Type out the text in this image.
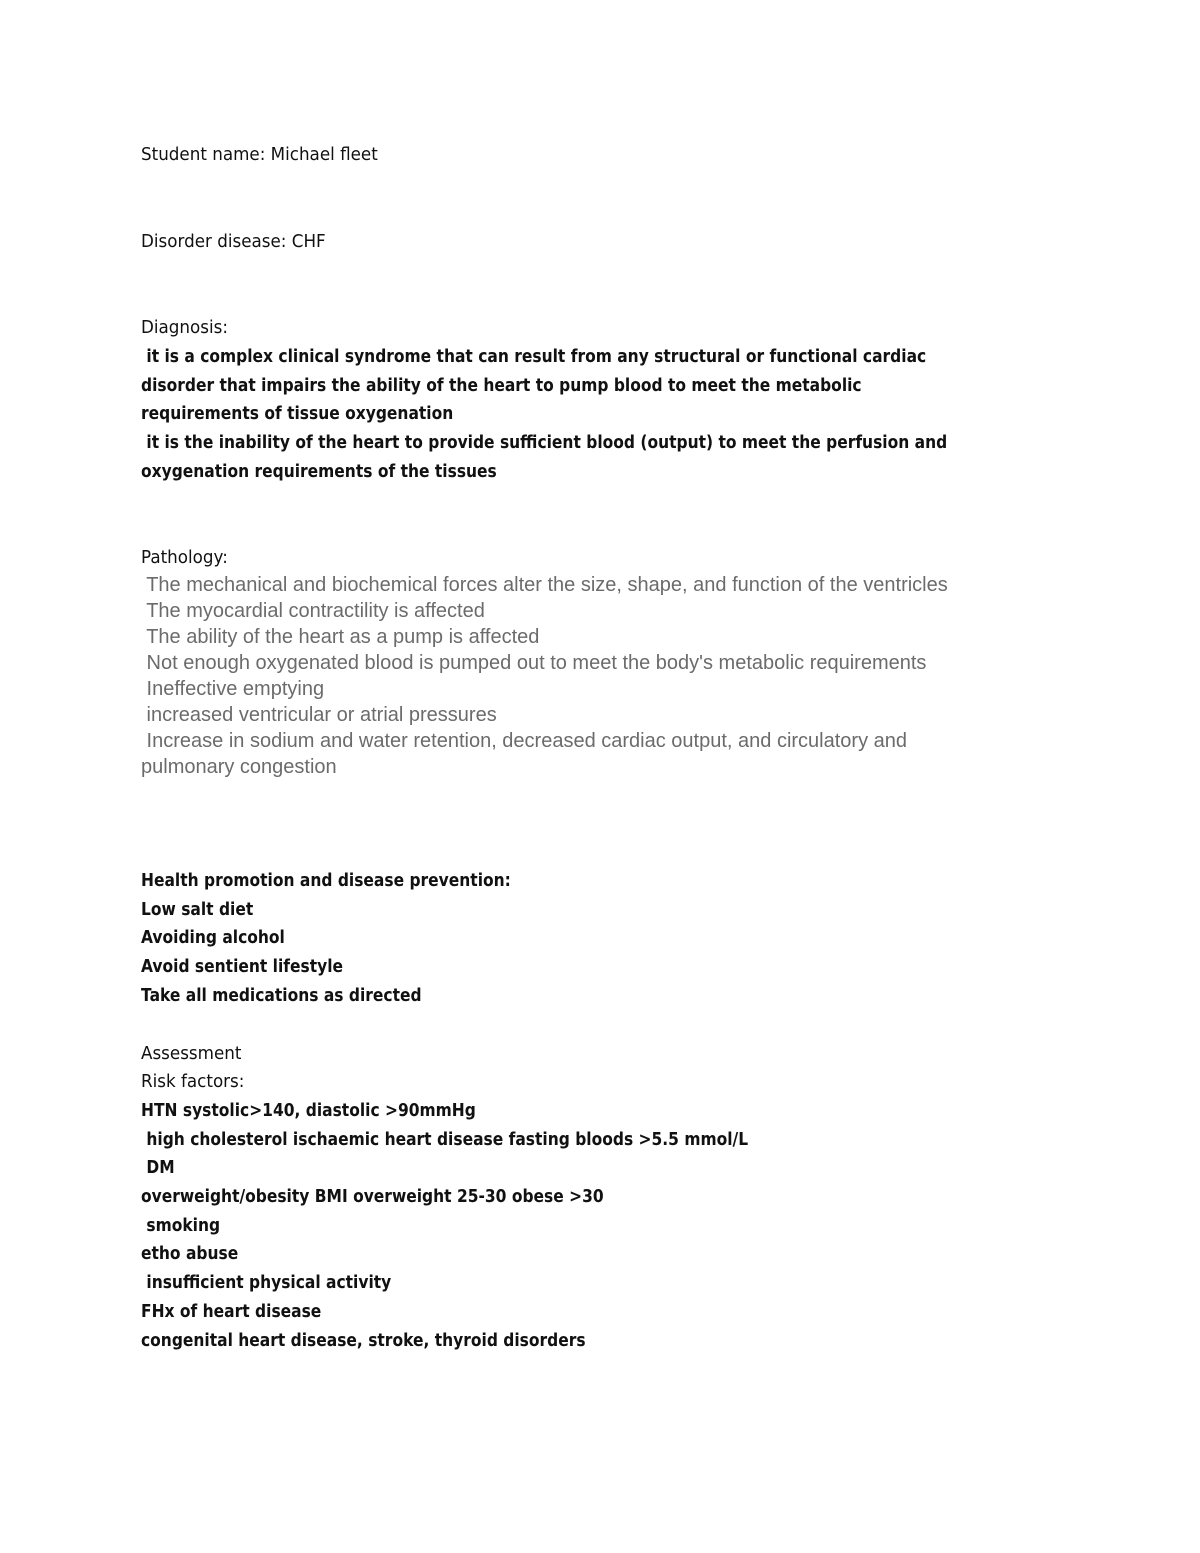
Student name: Michael fleet
Disorder disease: CHF
Diagnosis:
it is a complex clinical syndrome that can result from any structural or functional cardiac
disorder that impairs the ability of the heart to pump blood to meet the metabolic
requirements of tissue oxygenation
it is the inability of the heart to provide sufficient blood (output) to meet the perfusion and
oxygenation requirements of the tissues
Pathology:
The mechanical and biochemical forces alter the size, shape, and function of the ventricles
The myocardial contractility is affected
The ability of the heart as a pump is affected
Not enough oxygenated blood is pumped out to meet the body's metabolic requirements
Ineffective emptying
increased ventricular or atrial pressures
Increase in sodium and water retention, decreased cardiac output, and circulatory and
pulmonary congestion
Health promotion and disease prevention:
Low salt diet
Avoiding alcohol
Avoid sentient lifestyle
Take all medications as directed
Assessment
Risk factors:
HTN systolic>140, diastolic >90mmHg
high cholesterol ischaemic heart disease fasting bloods >5.5 mmol/L
DM
overweight/obesity BMI overweight 25-30 obese >30
smoking
etho abuse
insufficient physical activity
FHx of heart disease
congenital heart disease, stroke, thyroid disorders
